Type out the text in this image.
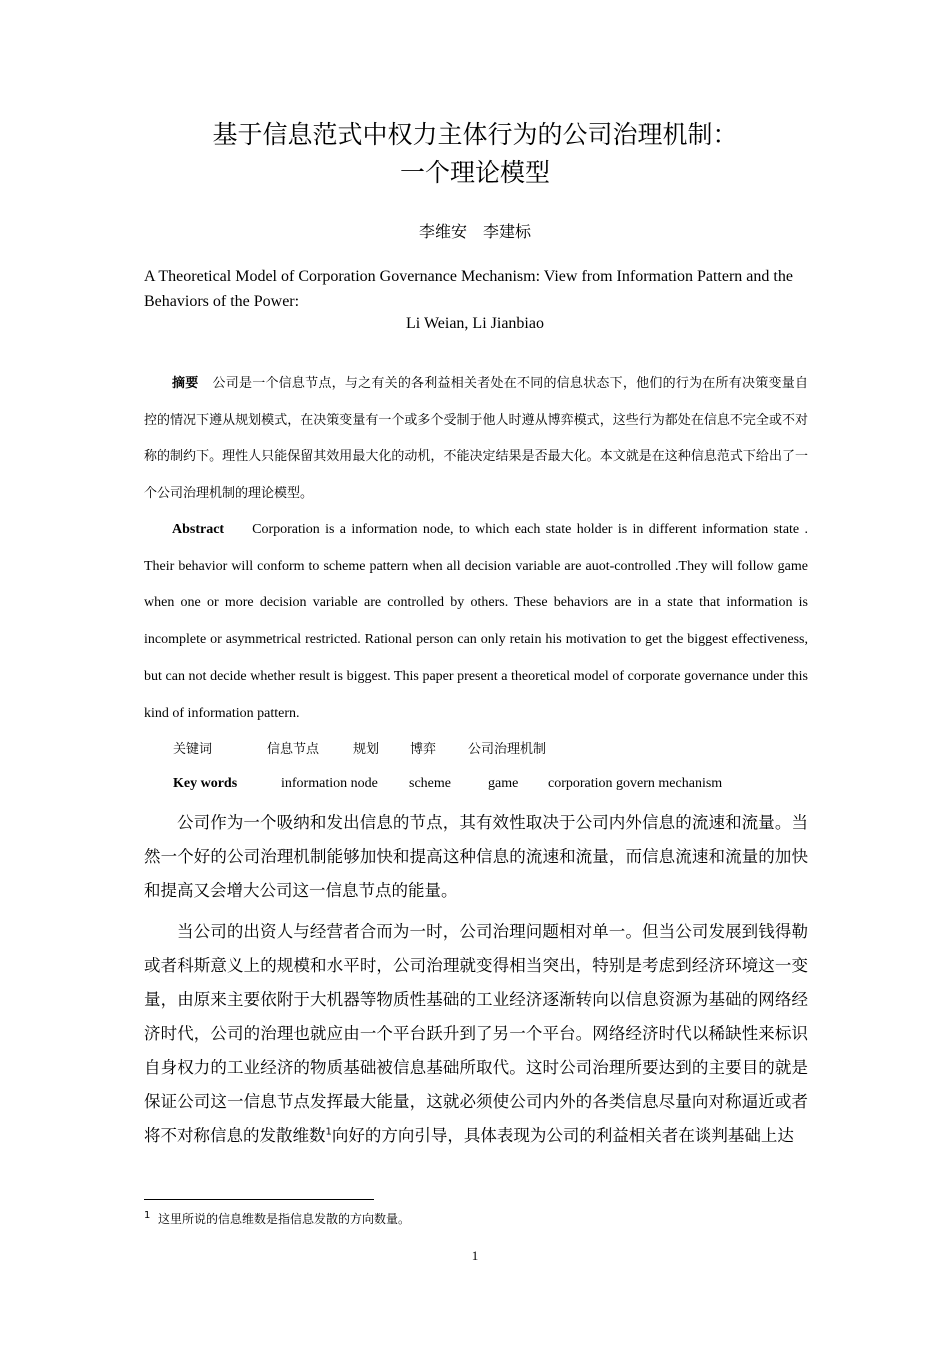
基于信息范式中权力主体行为的公司治理机制：
一个理论模型
李维安　李建标
A Theoretical Model of Corporation Governance Mechanism: View from Information Pattern and the Behaviors of the Power:
Li Weian, Li Jianbiao
摘要 公司是一个信息节点，与之有关的各利益相关者处在不同的信息状态下，他们的行为在所有决策变量自控的情况下遵从规划模式，在决策变量有一个或多个受制于他人时遵从博弈模式，这些行为都处在信息不完全或不对称的制约下。理性人只能保留其效用最大化的动机，不能决定结果是否最大化。本文就是在这种信息范式下给出了一个公司治理机制的理论模型。
Abstract Corporation is a information node, to which each state holder is in different information state . Their behavior will conform to scheme pattern when all decision variable are auot-controlled .They will follow game when one or more decision variable are controlled by others. These behaviors are in a state that information is incomplete or asymmetrical restricted. Rational person can only retain his motivation to get the biggest effectiveness, but can not decide whether result is biggest. This paper present a theoretical model of corporate governance under this kind of information pattern.
关键词	信息节点	规划 博弈 公司治理机制
Key words	information node scheme	game corporation govern mechanism
公司作为一个吸纳和发出信息的节点，其有效性取决于公司内外信息的流速和流量。当然一个好的公司治理机制能够加快和提高这种信息的流速和流量，而信息流速和流量的加快和提高又会增大公司这一信息节点的能量。
当公司的出资人与经营者合而为一时，公司治理问题相对单一。但当公司发展到钱得勒或者科斯意义上的规模和水平时，公司治理就变得相当突出，特别是考虑到经济环境这一变量，由原来主要依附于大机器等物质性基础的工业经济逐渐转向以信息资源为基础的网络经济时代，公司的治理也就应由一个平台跃升到了另一个平台。网络经济时代以稀缺性来标识自身权力的工业经济的物质基础被信息基础所取代。这时公司治理所要达到的主要目的就是保证公司这一信息节点发挥最大能量，这就必须使公司内外的各类信息尽量向对称逼近或者将不对称信息的发散维数$^1$向好的方向引导，具体表现为公司的利益相关者在谈判基础上达
$^1$ 这里所说的信息维数是指信息发散的方向数量。
1
